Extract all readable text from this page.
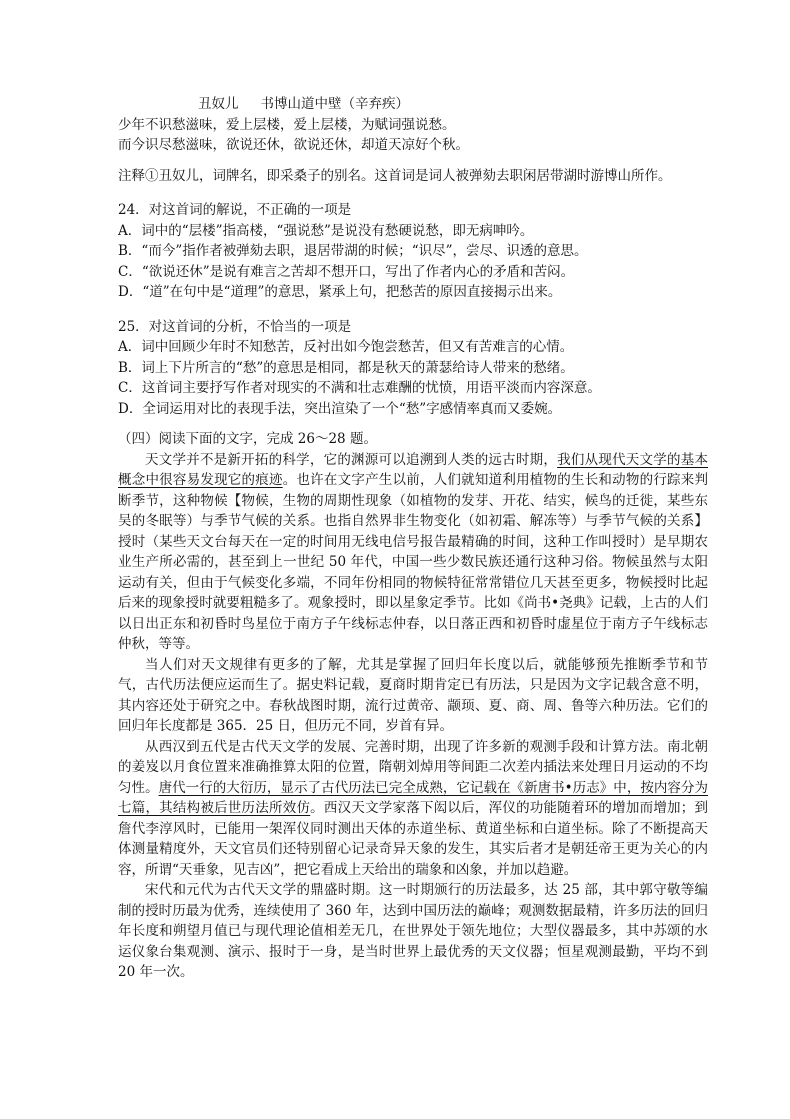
丑奴儿 书博山道中壁（辛弃疾）

少年不识愁滋味，爱上层楼，爱上层楼，为赋词强说愁。

而今识尽愁滋味，欲说还休，欲说还休，却道天凉好个秋。

注释①丑奴儿，词牌名，即采桑子的别名。这首词是词人被弹劾去职闲居带湖时游博山所作。

24．对这首词的解说，不正确的一项是

A．词中的“层楼”指高楼，“强说愁”是说没有愁硬说愁，即无病呻吟。

B．“而今”指作者被弹劾去职，退居带湖的时候；“识尽”，尝尽、识透的意思。

C．“欲说还休”是说有难言之苦却不想开口，写出了作者内心的矛盾和苦闷。

D．“道”在句中是“道理”的意思，紧承上句，把愁苦的原因直接揭示出来。

25．对这首词的分析，不恰当的一项是

A．词中回顾少年时不知愁苦，反衬出如今饱尝愁苦，但又有苦难言的心情。

B．词上下片所言的“愁”的意思是相同，都是秋天的萧瑟给诗人带来的愁绪。

C．这首词主要抒写作者对现实的不满和壮志难酬的忧愤，用语平淡而内容深意。

D．全词运用对比的表现手法，突出渲染了一个“愁”字感情率真而又委婉。

（四）阅读下面的文字，完成 26～28 题。

天文学并不是新开拓的科学，它的渊源可以追溯到人类的远古时期，我们从现代天文学的基本概念中很容易发现它的痕迹。也许在文字产生以前，人们就知道利用植物的生长和动物的行踪来判断季节，这种物候【物候，生物的周期性现象（如植物的发芽、开花、结实，候鸟的迁徙，某些东吴的冬眠等）与季节气候的关系。也指自然界非生物变化（如初霜、解冻等）与季节气候的关系】授时（某些天文台每天在一定的时间用无线电信号报告最精确的时间，这种工作叫授时）是早期农业生产所必需的，甚至到上一世纪 50 年代，中国一些少数民族还通行这种习俗。物候虽然与太阳运动有关，但由于气候变化多端，不同年份相同的物候特征常常错位几天甚至更多，物候授时比起后来的现象授时就要粗糙多了。观象授时，即以星象定季节。比如《尚书•尧典》记载，上古的人们以日出正东和初昏时鸟星位于南方子午线标志仲春，以日落正西和初昏时虚星位于南方子午线标志仲秋，等等。

当人们对天文规律有更多的了解，尤其是掌握了回归年长度以后，就能够预先推断季节和节气，古代历法便应运而生了。据史料记载，夏商时期肯定已有历法，只是因为文字记载含意不明，其内容还处于研究之中。春秋战图时期，流行过黄帝、颛顼、夏、商、周、鲁等六种历法。它们的回归年长度都是 365．25 日，但历元不同，岁首有异。

从西汉到五代是古代天文学的发展、完善时期，出现了许多新的观测手段和计算方法。南北朝的姜岌以月食位置来准确推算太阳的位置，隋朝刘焯用等间距二次差内插法来处理日月运动的不均匀性。唐代一行的大衍历，显示了古代历法已完全成熟，它记载在《新唐书•历志》中，按内容分为七篇，其结构被后世历法所效仿。西汉天文学家落下闳以后，浑仪的功能随着环的增加而增加；到詹代李淳风时，已能用一架浑仪同时测出天体的赤道坐标、黄道坐标和白道坐标。除了不断提高天体测量精度外，天文官员们还特别留心记录奇异天象的发生，其实后者才是朝廷帝王更为关心的内容，所谓“天垂象，见吉凶”，把它看成上天给出的瑞象和凶象，并加以趋避。

宋代和元代为古代天文学的鼎盛时期。这一时期颁行的历法最多，达 25 部，其中郭守敬等编制的授时历最为优秀，连续使用了 360 年，达到中国历法的巅峰；观测数据最精，许多历法的回归年长度和朔望月值已与现代理论值相差无几，在世界处于领先地位；大型仪器最多，其中苏颂的水运仪象台集观测、演示、报时于一身，是当时世界上最优秀的天文仪器；恒星观测最勤，平均不到 20 年一次。
